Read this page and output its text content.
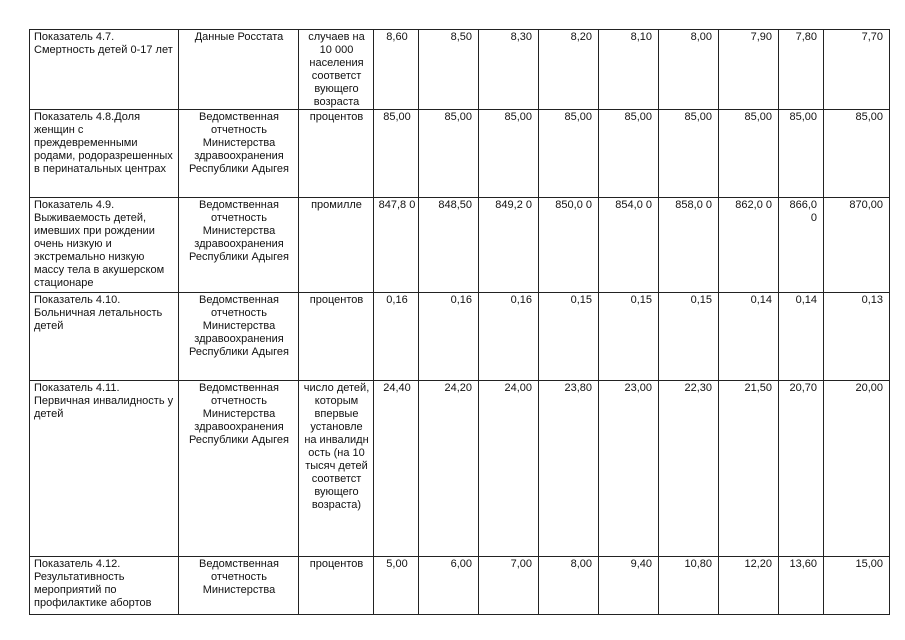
Показатель 4.7. Смертность детей 0-17 лет	Данные Росстата	случаев на 10 000 населения соответст вующего возраста	8,60	8,50	8,30	8,20	8,10	8,00	7,90	7,80	7,70
Показатель 4.8.Доля женщин с преждевременными родами, родоразрешенных в перинатальных центрах	Ведомственная отчетность Министерства здравоохранения Республики Адыгея	процентов	85,00	85,00	85,00	85,00	85,00	85,00	85,00	85,00	85,00
Показатель 4.9. Выживаемость детей, имевших при рождении очень низкую и экстремально низкую массу тела в акушерском стационаре	Ведомственная отчетность Министерства здравоохранения Республики Адыгея	промилле	847,8 0	848,50	849,2 0	850,0 0	854,0 0	858,0 0	862,0 0	866,0 0	870,00
Показатель 4.10. Больничная летальность детей	Ведомственная отчетность Министерства здравоохранения Республики Адыгея	процентов	0,16	0,16	0,16	0,15	0,15	0,15	0,14	0,14	0,13
Показатель 4.11. Первичная инвалидность у детей	Ведомственная отчетность Министерства здравоохранения Республики Адыгея	число детей, которым впервые установле на инвалидн ость (на 10 тысяч детей соответст вующего возраста)	24,40	24,20	24,00	23,80	23,00	22,30	21,50	20,70	20,00
Показатель 4.12. Результативность мероприятий по профилактике абортов	Ведомственная отчетность Министерства	процентов	5,00	6,00	7,00	8,00	9,40	10,80	12,20	13,60	15,00
